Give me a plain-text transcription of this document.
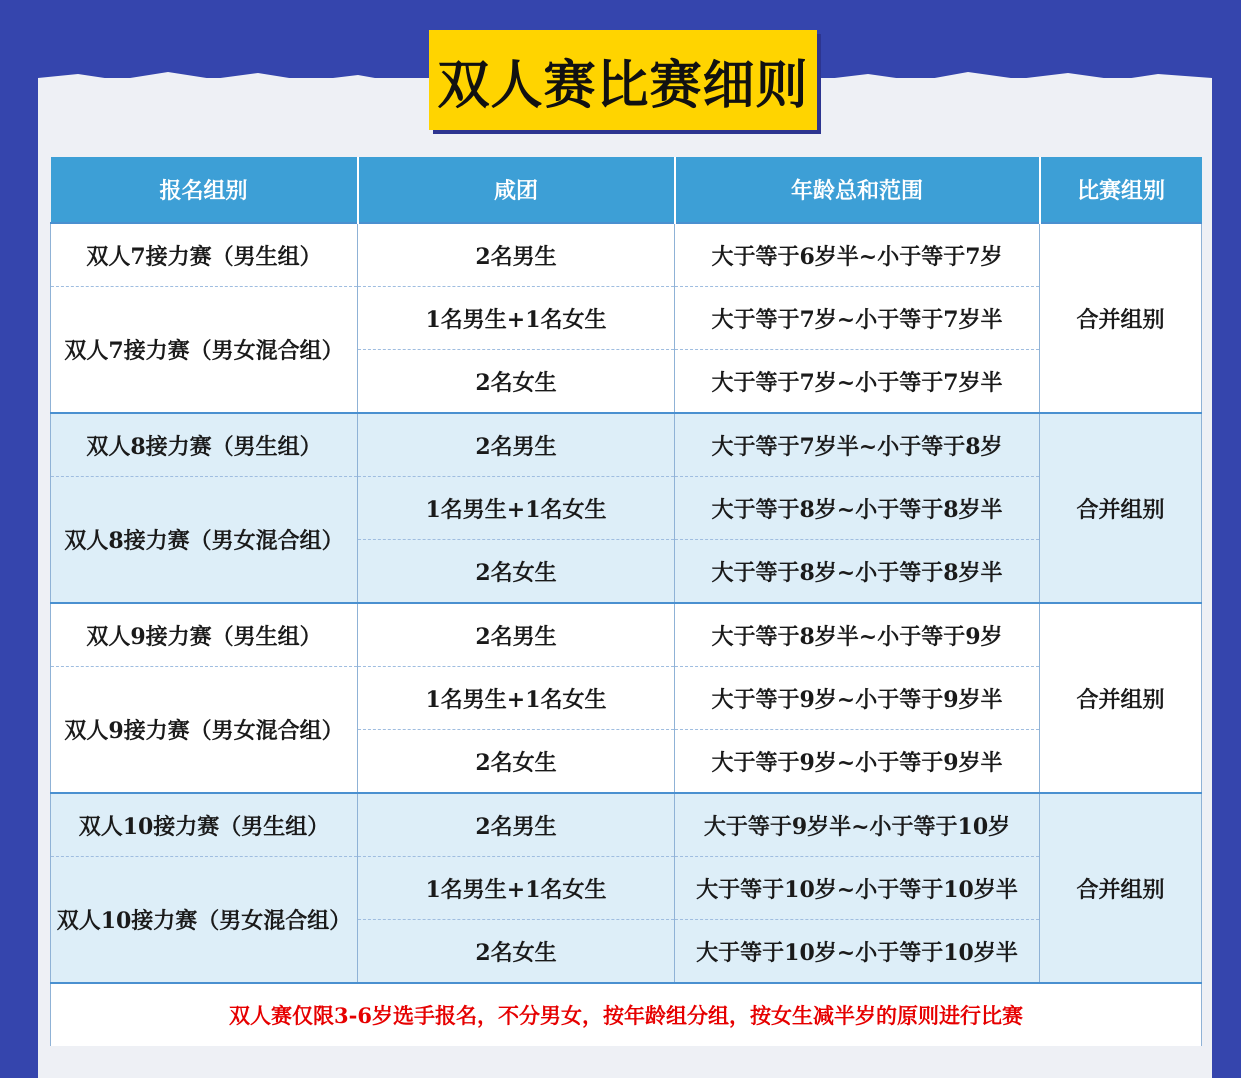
双人赛比赛细则
报名组别	咸团	年龄总和范围	比赛组别
双人7接力赛（男生组）	2名男生	大于等于6岁半~小于等于7岁	合并组别
双人7接力赛（男女混合组）	1名男生+1名女生	大于等于7岁~小于等于7岁半	
	2名女生	大于等于7岁~小于等于7岁半	
双人8接力赛（男生组）	2名男生	大于等于7岁半~小于等于8岁	合并组别
双人8接力赛（男女混合组）	1名男生+1名女生	大于等于8岁~小于等于8岁半	
	2名女生	大于等于8岁~小于等于8岁半	
双人9接力赛（男生组）	2名男生	大于等于8岁半~小于等于9岁	合并组别
双人9接力赛（男女混合组）	1名男生+1名女生	大于等于9岁~小于等于9岁半	
	2名女生	大于等于9岁~小于等于9岁半	
双人10接力赛（男生组）	2名男生	大于等于9岁半~小于等于10岁	合并组别
双人10接力赛（男女混合组）	1名男生+1名女生	大于等于10岁~小于等于10岁半	
	2名女生	大于等于10岁~小于等于10岁半	
双人赛仅限3-6岁选手报名，不分男女，按年龄组分组，按女生减半岁的原则进行比赛			
